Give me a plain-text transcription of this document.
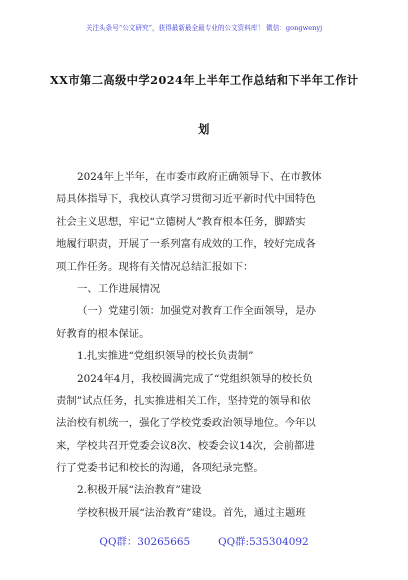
关注头条号“公文研究”，获得最新最全最专业的公文资料库！ 微信：gongwenyj
XX市第二高级中学2024年上半年工作总结和下半年工作计
划
2024年上半年，在市委市政府正确领导下、在市教体
局具体指导下，我校认真学习贯彻习近平新时代中国特色
社会主义思想，牢记“立德树人”教育根本任务，脚踏实
地履行职责，开展了一系列富有成效的工作，较好完成各
项工作任务。现将有关情况总结汇报如下：
一、工作进展情况
（一）党建引领：加强党对教育工作全面领导，是办
好教育的根本保证。
1.扎实推进“党组织领导的校长负责制”
2024年4月，我校圆满完成了“党组织领导的校长负
责制”试点任务，扎实推进相关工作，坚持党的领导和依
法治校有机统一，强化了学校党委政治领导地位。今年以
来，学校共召开党委会议8次、校委会议14次，会前都进
行了党委书记和校长的沟通，各项纪录完整。
2.积极开展“法治教育”建设
学校积极开展“法治教育”建设。首先，通过主题班
QQ群：30265665	QQ群:535304092
